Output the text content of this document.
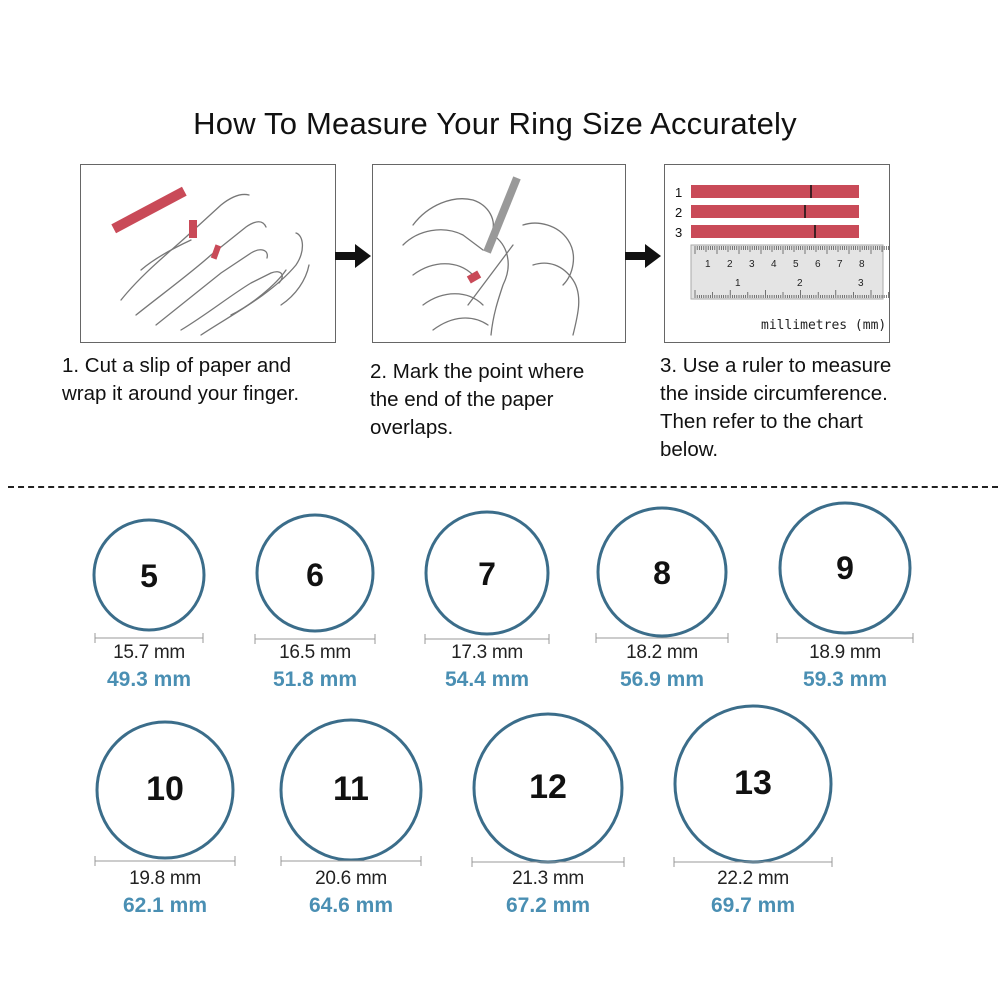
How To Measure Your Ring Size Accurately
1
2
3
1 2 3 4 5 6 7 8
1	2	3
millimetres (mm)
1. Cut a slip of paper and
wrap it around your finger.
2. Mark the point where
the end of the paper
overlaps.
3. Use a ruler to measure
the inside circumference.
Then refer to the chart
below.
5
15.7 mm
49.3 mm
6
16.5 mm
51.8 mm
7
17.3 mm
54.4 mm
8
18.2 mm
56.9 mm
9
18.9 mm
59.3 mm
10
19.8 mm
62.1 mm
11
20.6 mm
64.6 mm
12
21.3 mm
67.2 mm
13
22.2 mm
69.7 mm
